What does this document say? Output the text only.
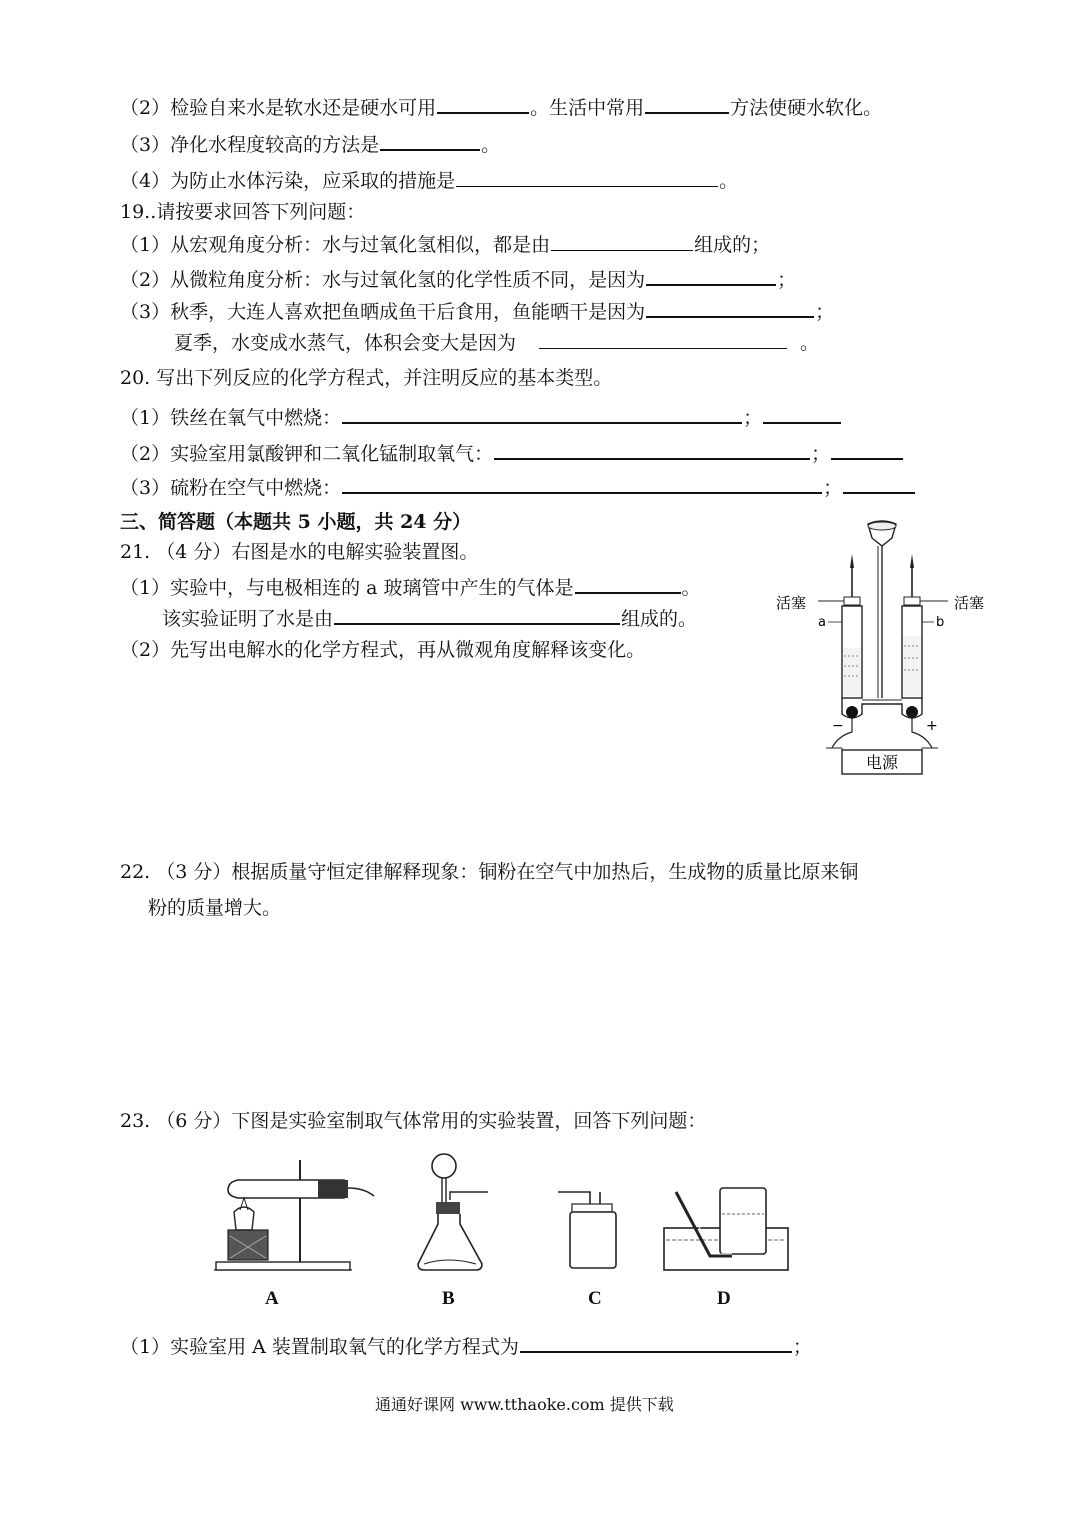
（2）检验自来水是软水还是硬水可用	。生活中常用	方法使硬水软化。
（3）净化水程度较高的方法是	。
（4）为防止水体污染，应采取的措施是	。
19..请按要求回答下列问题：
（1）从宏观角度分析：水与过氧化氢相似，都是由	组成的；
（2）从微粒角度分析：水与过氧化氢的化学性质不同，是因为	；
（3）秋季，大连人喜欢把鱼晒成鱼干后食用，鱼能晒干是因为	；
夏季，水变成水蒸气，体积会变大是因为	。
20. 写出下列反应的化学方程式，并注明反应的基本类型。
（1）铁丝在氧气中燃烧：	；
（2）实验室用氯酸钾和二氧化锰制取氧气：	；
（3）硫粉在空气中燃烧：	；
三、简答题（本题共 5 小题，共 24 分）
21. （4 分）右图是水的电解实验装置图。
（1）实验中，与电极相连的 a 玻璃管中产生的气体是	。
该实验证明了水是由	组成的。
（2）先写出电解水的化学方程式，再从微观角度解释该变化。
电源
活塞	活塞
a	b
−	+
22. （3 分）根据质量守恒定律解释现象：铜粉在空气中加热后，生成物的质量比原来铜
粉的质量增大。
23. （6 分）下图是实验室制取气体常用的实验装置，回答下列问题：
A	B	C	D
（1）实验室用 A 装置制取氧气的化学方程式为	；
通通好课网 www.tthaoke.com 提供下载
